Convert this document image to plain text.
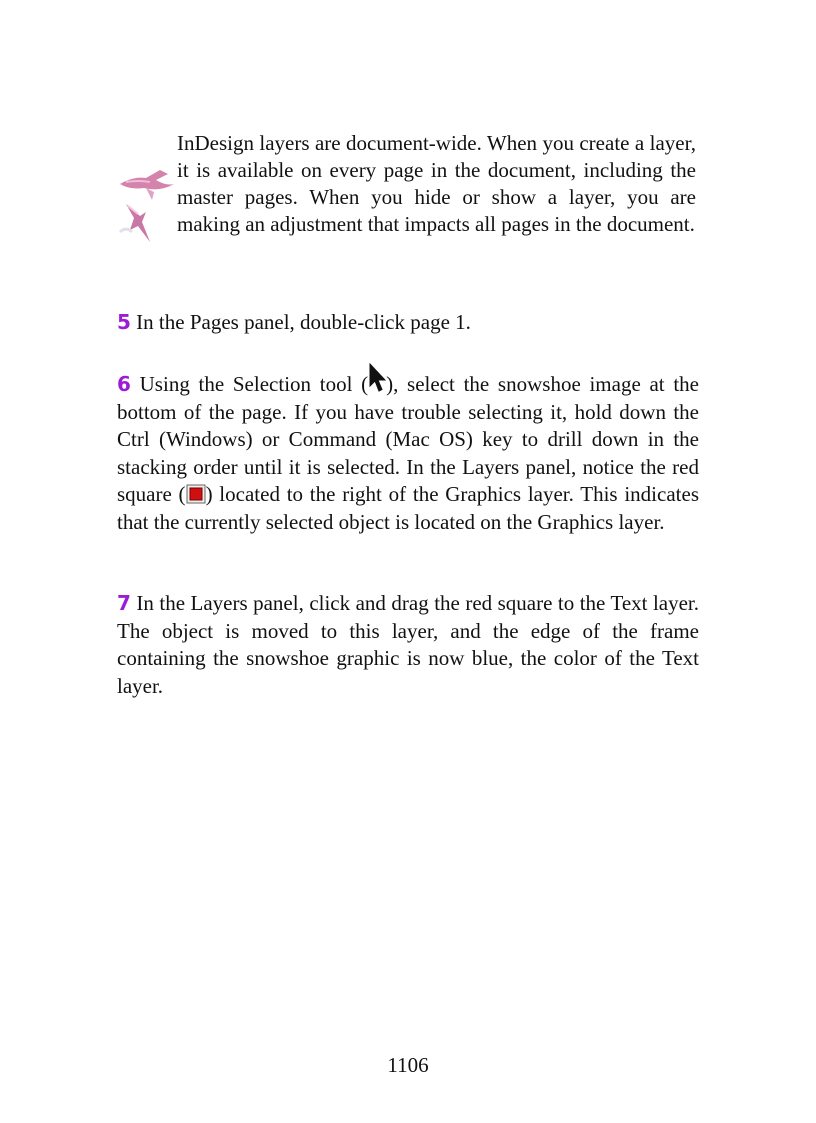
InDesign layers are document-wide. When you create a layer, it is available on every page in the document, including the master pages. When you hide or show a layer, you are making an adjustment that impacts all pages in the document.
5 In the Pages panel, double-click page 1.
6 Using the Selection tool ( ), select the snowshoe image at the bottom of the page. If you have trouble selecting it, hold down the Ctrl (Windows) or Command (Mac OS) key to drill down in the stacking order until it is selected. In the Layers panel, notice the red square ( ) located to the right of the Graphics layer. This indicates that the currently selected object is located on the Graphics layer.
7 In the Layers panel, click and drag the red square to the Text layer. The object is moved to this layer, and the edge of the frame containing the snowshoe graphic is now blue, the color of the Text layer.
1106
